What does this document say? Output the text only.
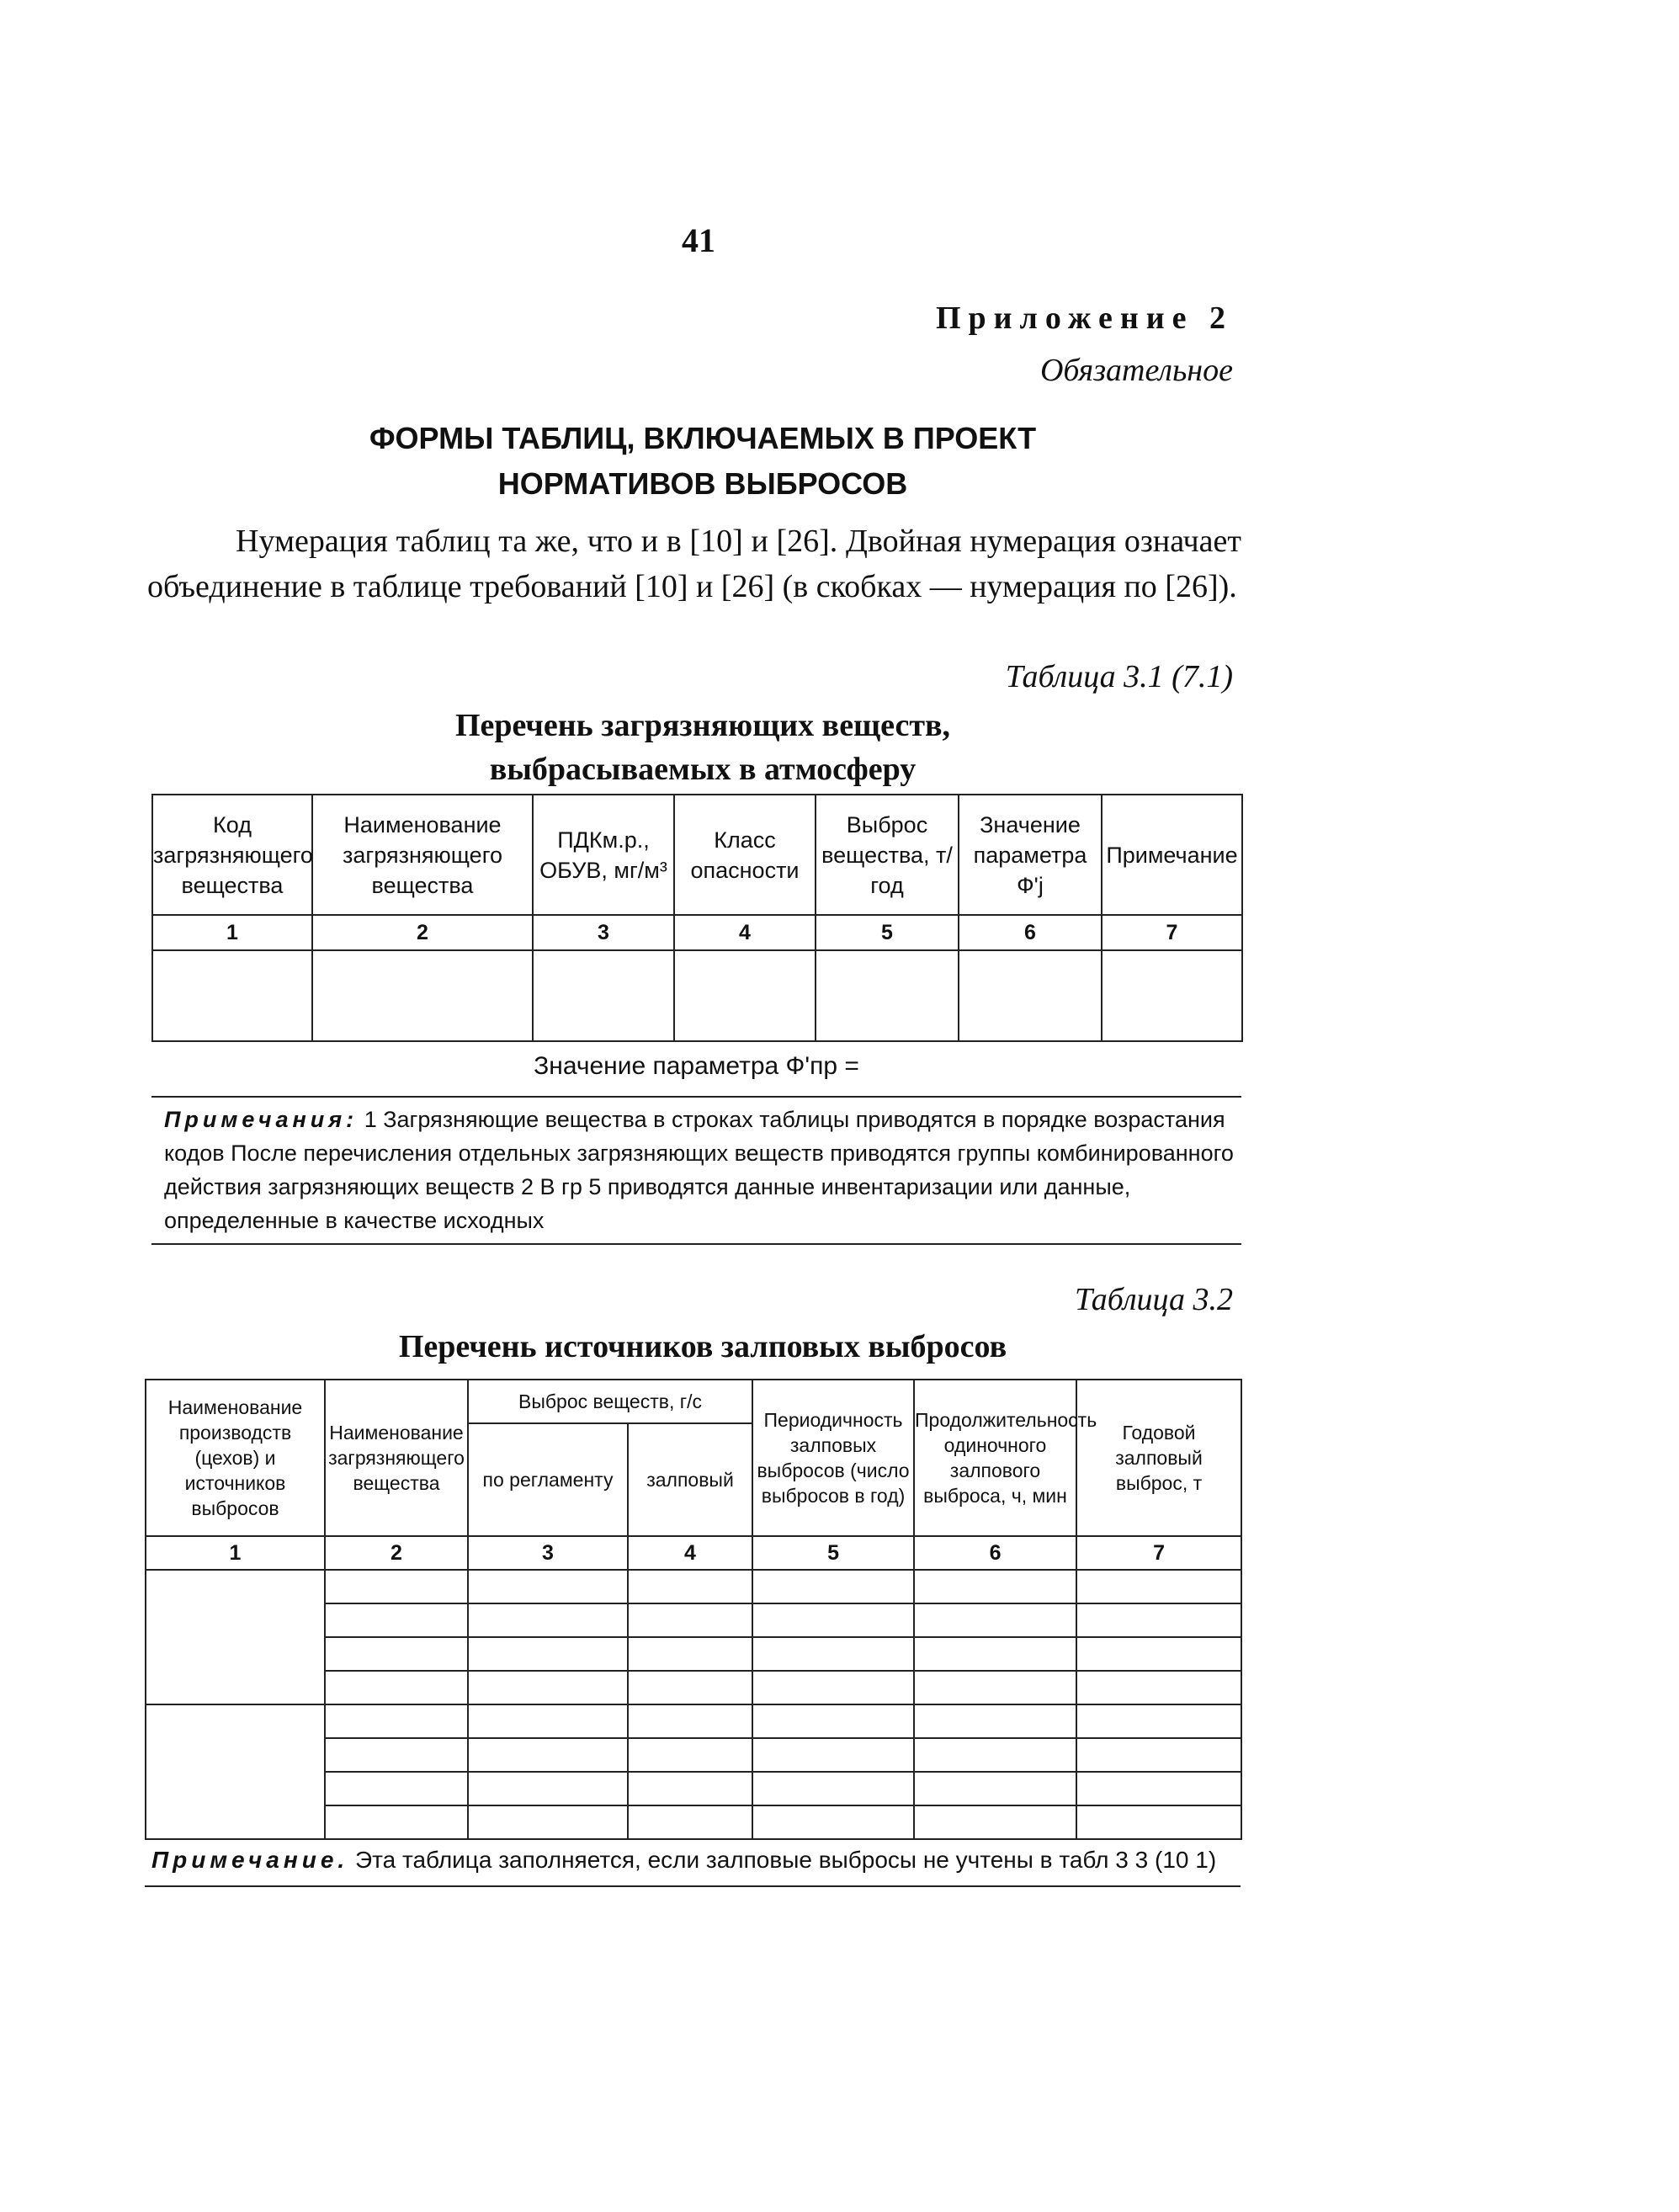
41
Приложение 2
Обязательное
ФОРМЫ ТАБЛИЦ, ВКЛЮЧАЕМЫХ В ПРОЕКТ
НОРМАТИВОВ ВЫБРОСОВ
Нумерация таблиц та же, что и в [10] и [26]. Двойная нумерация означает объединение в таблице требований [10] и [26] (в скобках — нумерация по [26]).
Таблица 3.1 (7.1)
Перечень загрязняющих веществ,
выбрасываемых в атмосферу
Код загрязняющего вещества	Наименование загрязняющего вещества	ПДКм.р., ОБУВ, мг/м³	Класс опасности	Выброс вещества, т/год	Значение параметра Ф'j	Примечание
1	2	3	4	5	6	7

Значение параметра Ф'пр =
Примечания: 1 Загрязняющие вещества в строках таблицы приводятся в порядке возрастания кодов После перечисления отдельных загрязняющих веществ приводятся группы комбинированного действия загрязняющих веществ 2 В гр 5 приводятся данные инвентаризации или данные, определенные в качестве исходных
Таблица 3.2
Перечень источников залповых выбросов
Наименование производств (цехов) и источников выбросов	Наименование загрязняющего вещества	Выброс веществ, г/с		Периодичность залповых выбросов (число выбросов в год)	Продолжительность одиночного залпового выброса, ч, мин	Годовой залповый выброс, т
		по регламенту	залповый			
1	2	3	4	5	6	7

Примечание. Эта таблица заполняется, если залповые выбросы не учтены в табл 3 3 (10 1)
